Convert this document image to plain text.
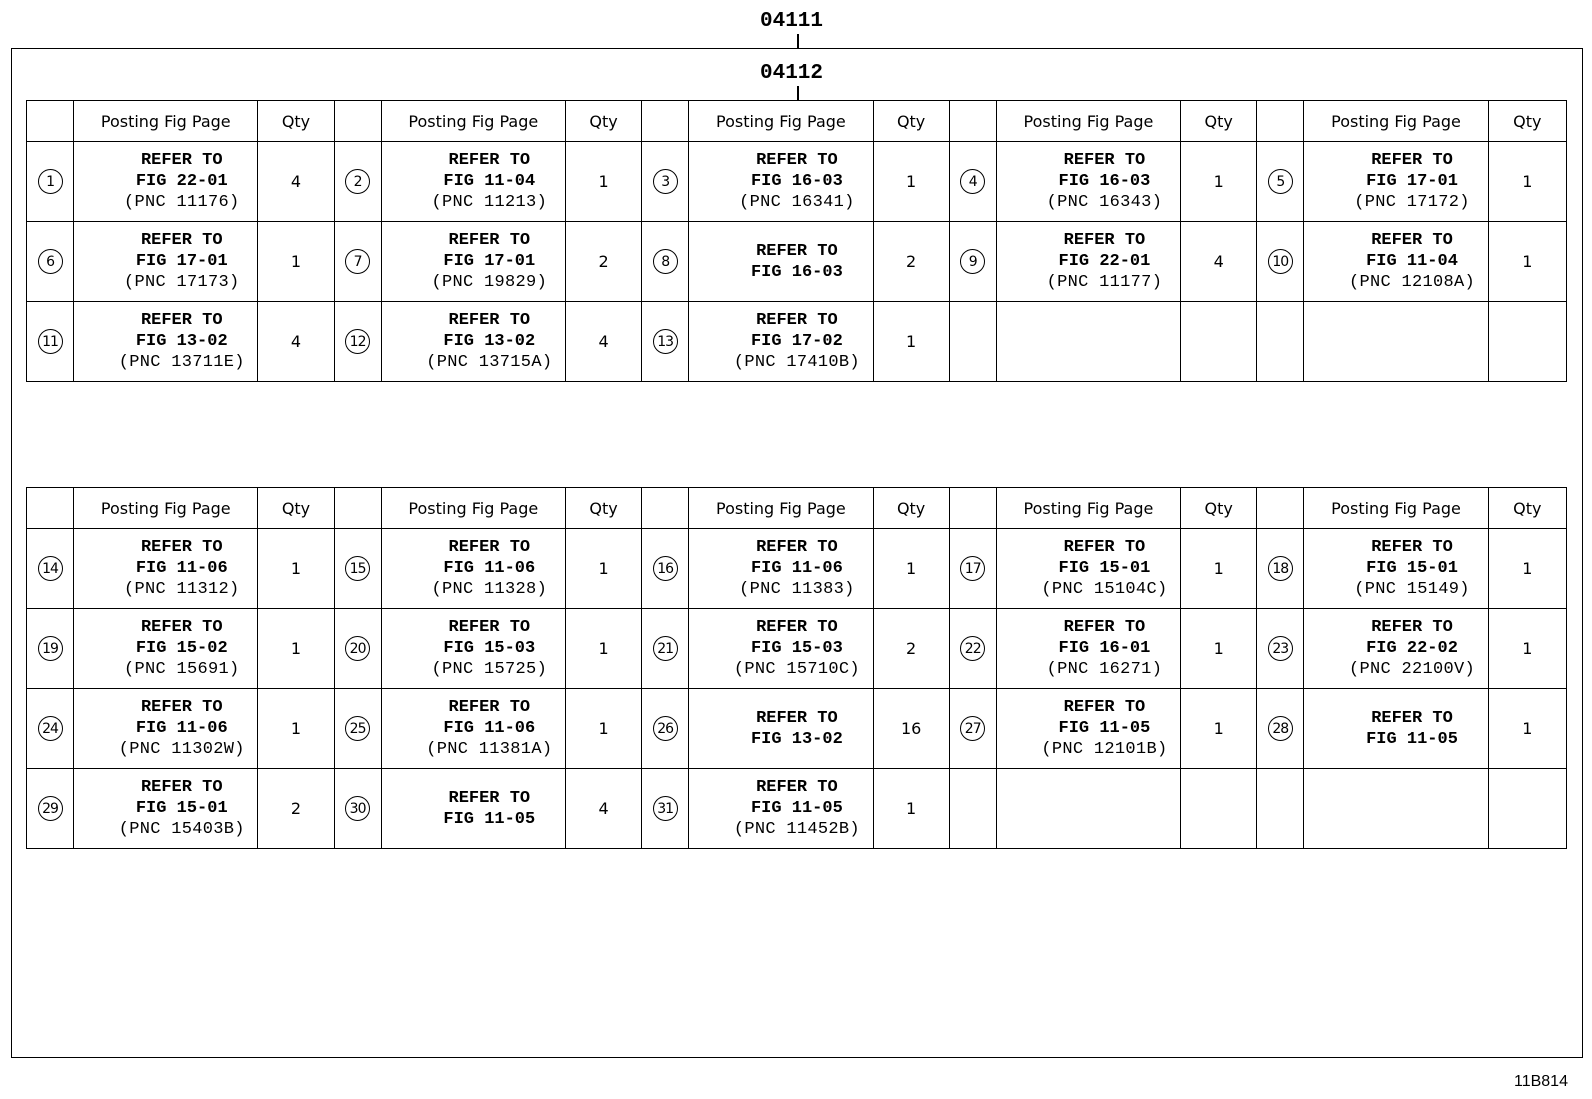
04111
04112
	Posting Fig Page	Qty		Posting Fig Page	Qty		Posting Fig Page	Qty		Posting Fig Page	Qty		Posting Fig Page	Qty
1	REFER TO
FIG 22-01
(PNC 11176)	4	2	REFER TO
FIG 11-04
(PNC 11213)	1	3	REFER TO
FIG 16-03
(PNC 16341)	1	4	REFER TO
FIG 16-03
(PNC 16343)	1	5	REFER TO
FIG 17-01
(PNC 17172)	1
6	REFER TO
FIG 17-01
(PNC 17173)	1	7	REFER TO
FIG 17-01
(PNC 19829)	2	8	REFER TO
FIG 16-03	2	9	REFER TO
FIG 22-01
(PNC 11177)	4	10	REFER TO
FIG 11-04
(PNC 12108A)	1
11	REFER TO
FIG 13-02
(PNC 13711E)	4	12	REFER TO
FIG 13-02
(PNC 13715A)	4	13	REFER TO
FIG 17-02
(PNC 17410B)	1						
	Posting Fig Page	Qty		Posting Fig Page	Qty		Posting Fig Page	Qty		Posting Fig Page	Qty		Posting Fig Page	Qty
14	REFER TO
FIG 11-06
(PNC 11312)	1	15	REFER TO
FIG 11-06
(PNC 11328)	1	16	REFER TO
FIG 11-06
(PNC 11383)	1	17	REFER TO
FIG 15-01
(PNC 15104C)	1	18	REFER TO
FIG 15-01
(PNC 15149)	1
19	REFER TO
FIG 15-02
(PNC 15691)	1	20	REFER TO
FIG 15-03
(PNC 15725)	1	21	REFER TO
FIG 15-03
(PNC 15710C)	2	22	REFER TO
FIG 16-01
(PNC 16271)	1	23	REFER TO
FIG 22-02
(PNC 22100V)	1
24	REFER TO
FIG 11-06
(PNC 11302W)	1	25	REFER TO
FIG 11-06
(PNC 11381A)	1	26	REFER TO
FIG 13-02	16	27	REFER TO
FIG 11-05
(PNC 12101B)	1	28	REFER TO
FIG 11-05	1
29	REFER TO
FIG 15-01
(PNC 15403B)	2	30	REFER TO
FIG 11-05	4	31	REFER TO
FIG 11-05
(PNC 11452B)	1						
11B814
